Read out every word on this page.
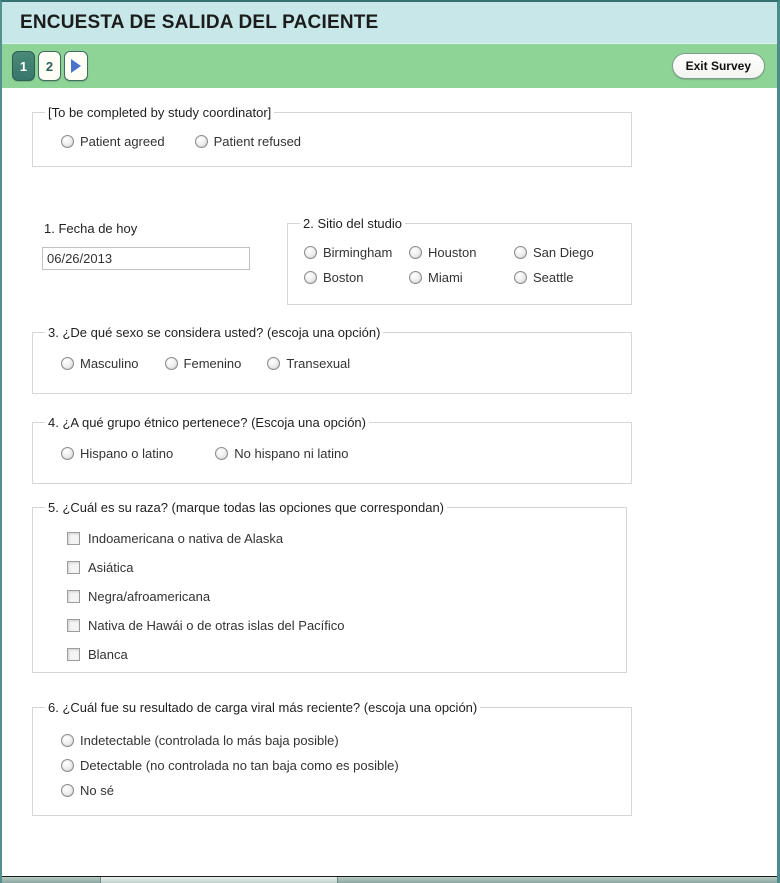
ENCUESTA DE SALIDA DEL PACIENTE
1	2	Exit Survey
[To be completed by study coordinator]
Patient agreed	Patient refused
1. Fecha de hoy
06/26/2013	2. Sitio del studio
Birmingham	Houston	San Diego
Boston	Miami	Seattle
3. ¿De qué sexo se considera usted? (escoja una opción)
Masculino	Femenino	Transexual
4. ¿A qué grupo étnico pertenece? (Escoja una opción)
Hispano o latino	No hispano ni latino
5. ¿Cuál es su raza? (marque todas las opciones que correspondan)
Indoamericana o nativa de Alaska
Asiática
Negra/afroamericana
Nativa de Hawái o de otras islas del Pacífico
Blanca
6. ¿Cuál fue su resultado de carga viral más reciente? (escoja una opción)
Indetectable (controlada lo más baja posible)
Detectable (no controlada no tan baja como es posible)
No sé
